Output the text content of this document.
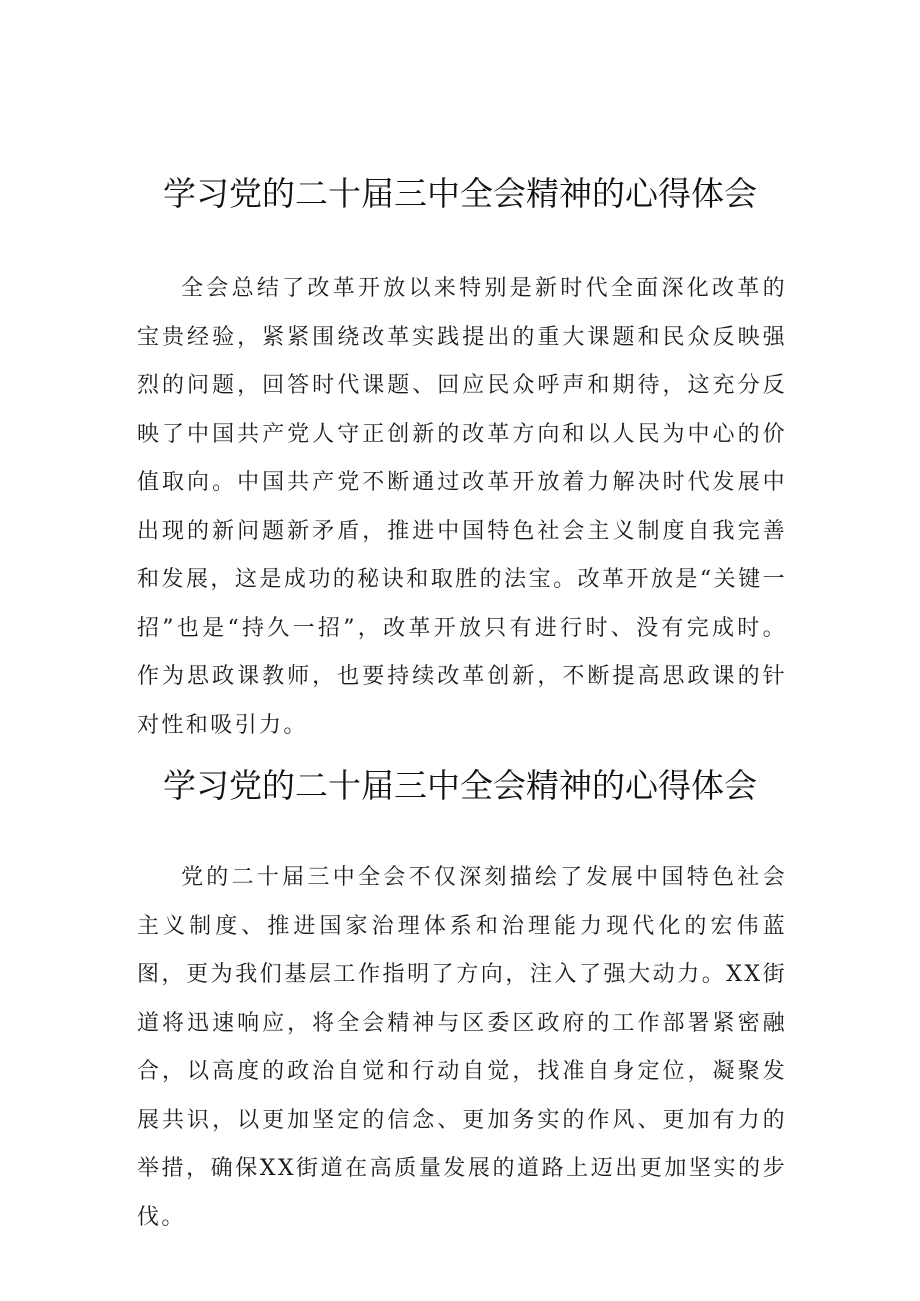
学习党的二十届三中全会精神的心得体会

全会总结了改革开放以来特别是新时代全面深化改革的宝贵经验，紧紧围绕改革实践提出的重大课题和民众反映强烈的问题，回答时代课题、回应民众呼声和期待，这充分反映了中国共产党人守正创新的改革方向和以人民为中心的价值取向。中国共产党不断通过改革开放着力解决时代发展中出现的新问题新矛盾，推进中国特色社会主义制度自我完善和发展，这是成功的秘诀和取胜的法宝。改革开放是“关键一招”也是“持久一招”，改革开放只有进行时、没有完成时。作为思政课教师，也要持续改革创新，不断提高思政课的针对性和吸引力。

学习党的二十届三中全会精神的心得体会

党的二十届三中全会不仅深刻描绘了发展中国特色社会主义制度、推进国家治理体系和治理能力现代化的宏伟蓝图，更为我们基层工作指明了方向，注入了强大动力。XX街道将迅速响应，将全会精神与区委区政府的工作部署紧密融合，以高度的政治自觉和行动自觉，找准自身定位，凝聚发展共识，以更加坚定的信念、更加务实的作风、更加有力的举措，确保XX街道在高质量发展的道路上迈出更加坚实的步伐。
